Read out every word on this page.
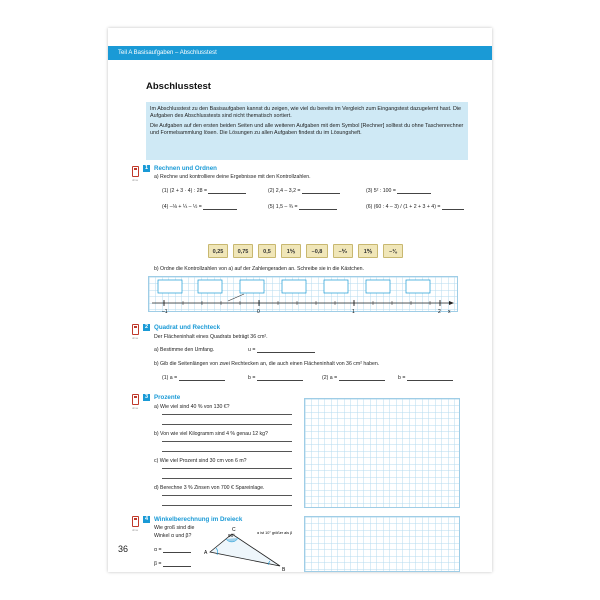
Teil A Basisaufgaben – Abschlusstest
Abschlusstest

Im Abschlusstest zu den Basisaufgaben kannst du zeigen, wie viel du bereits im Vergleich zum Eingangstest dazugelernt hast. Die Aufgaben des Abschlusstests sind nicht thematisch sortiert.

Die Aufgaben auf den ersten beiden Seiten und alle weiteren Aufgaben mit dem Symbol [Rechner] solltest du ohne Taschenrechner und Formelsammlung lösen. Die Lösungen zu allen Aufgaben findest du im Lösungsheft.

ohne
1 Rechnen und Ordnen
a) Rechne und kontrolliere deine Ergebnisse mit den Kontrollzahlen.
(1) (2 + 3 · 4) : 28 =	(2) 2,4 – 3,2 =	(3) 5² : 100 =
(4) –⅛ + ¼ – ½ =	(5) 1,5 – ¾ =	(6) (60 : 4 – 3) / (1 + 2 + 3 + 4) =
0,25	0,75	0,5	1⅕	–0,8	–⅟₂	1⅗	–⅜
b) Ordne die Kontrollzahlen von a) auf der Zahlengeraden an. Schreibe sie in die Kästchen.
–1	0	1	2 x
ohne
2 Quadrat und Rechteck
Der Flächeninhalt eines Quadrats beträgt 36 cm².
a) Bestimme den Umfang.	u =
b) Gib die Seitenlängen von zwei Rechtecken an, die auch einen Flächeninhalt von 36 cm² haben.
(1) a =	b =	(2) a =	b =
ohne
3 Prozente
a) Wie viel sind 40 % von 130 €?
b) Von wie viel Kilogramm sind 4 % genau 12 kg?
c) Wie viel Prozent sind 30 cm von 6 m?
d) Berechne 3 % Zinsen von 700 € Spareinlage.
ohne
4 Winkelberechnung im Dreieck
Wie groß sind die
Winkel α und β?
α =
β =
98°
A
B
C	α ist 10° größer als β
36
